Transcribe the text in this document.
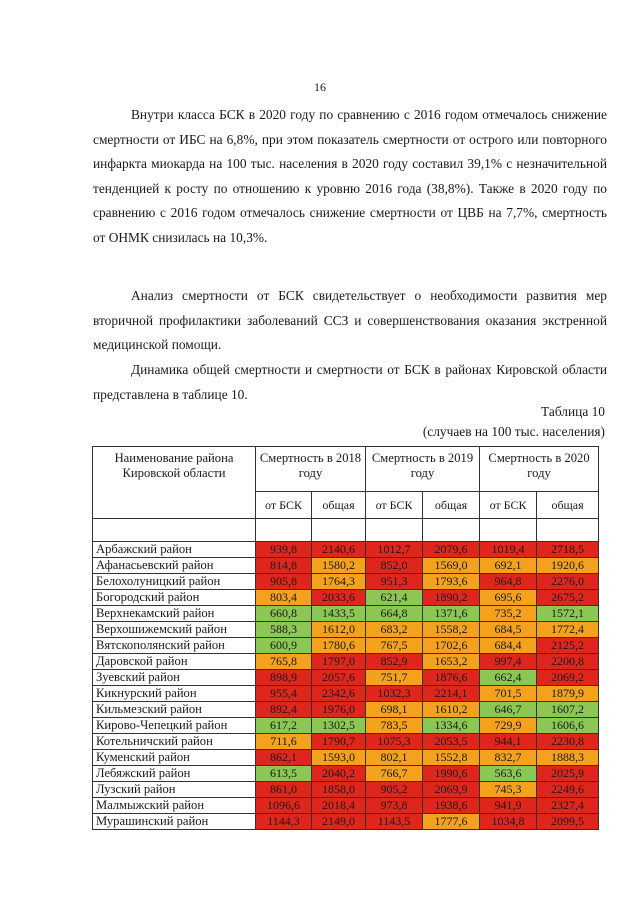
16

Внутри класса БСК в 2020 году по сравнению с 2016 годом отмечалось снижение смертности от ИБС на 6,8%, при этом показатель смертности от острого или повторного инфаркта миокарда на 100 тыс. населения в 2020 году составил 39,1% с незначительной тенденцией к росту по отношению к уровню 2016 года (38,8%). Также в 2020 году по сравнению с 2016 годом отмечалось снижение смертности от ЦВБ на 7,7%, смертность от ОНМК снизилась на 10,3%.

Анализ смертности от БСК свидетельствует о необходимости развития мер вторичной профилактики заболеваний ССЗ и совершенствования оказания экстренной медицинской помощи.

Динамика общей смертности и смертности от БСК в районах Кировской области представлена в таблице 10.

Таблица 10
(случаев на 100 тыс. населения)
Наименование района Кировской области	Смертность в 2018 году		Смертность в 2019 году		Смертность в 2020 году	
	от БСК	общая	от БСК	общая	от БСК	общая

Арбажский район	939,8	2140,6	1012,7	2079,6	1019,4	2718,5
Афанасьевский район	814,8	1580,2	852,0	1569,0	692,1	1920,6
Белохолуницкий район	905,8	1764,3	951,3	1793,6	964,8	2276,0
Богородский район	803,4	2033,6	621,4	1890,2	695,6	2675,2
Верхнекамский район	660,8	1433,5	664,8	1371,6	735,2	1572,1
Верхошижемский район	588,3	1612,0	683,2	1558,2	684,5	1772,4
Вятскополянский район	600,9	1780,6	767,5	1702,6	684,4	2125,2
Даровской район	765,8	1797,0	852,9	1653,2	997,4	2200,8
Зуевский район	898,9	2057,6	751,7	1876,6	662,4	2069,2
Кикнурский район	955,4	2342,6	1032,3	2214,1	701,5	1879,9
Кильмезский район	892,4	1976,0	698,1	1610,2	646,7	1607,2
Кирово-Чепецкий район	617,2	1302,5	783,5	1334,6	729,9	1606,6
Котельничский район	711,6	1790,7	1075,3	2053,5	944,1	2230,8
Куменский район	862,1	1593,0	802,1	1552,8	832,7	1888,3
Лебяжский район	613,5	2040,2	766,7	1990,6	563,6	2025,9
Лузский район	861,0	1858,0	905,2	2069,9	745,3	2249,6
Малмыжский район	1096,6	2018,4	973,8	1938,6	941,9	2327,4
Мурашинский район	1144,3	2149,0	1143,5	1777,6	1034,8	2099,5
